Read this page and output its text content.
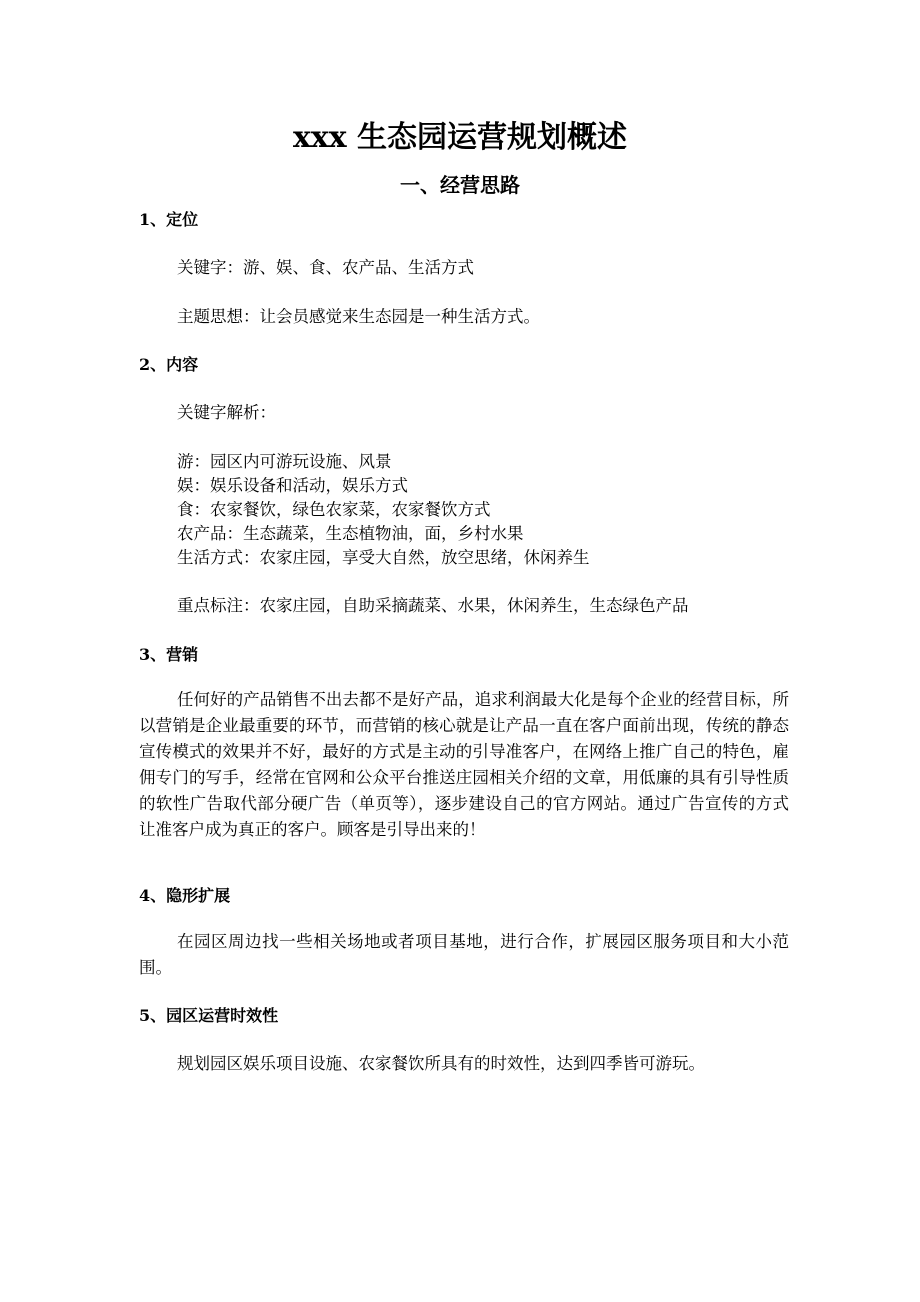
xxx 生态园运营规划概述
一、经营思路
1、定位
关键字：游、娱、食、农产品、生活方式
主题思想：让会员感觉来生态园是一种生活方式。
2、内容
关键字解析：
游：园区内可游玩设施、风景
娱：娱乐设备和活动，娱乐方式
食：农家餐饮，绿色农家菜，农家餐饮方式
农产品：生态蔬菜，生态植物油，面，乡村水果
生活方式：农家庄园，享受大自然，放空思绪，休闲养生
重点标注：农家庄园，自助采摘蔬菜、水果，休闲养生，生态绿色产品
3、营销
任何好的产品销售不出去都不是好产品，追求利润最大化是每个企业的经营目标，所以营销是企业最重要的环节，而营销的核心就是让产品一直在客户面前出现，传统的静态宣传模式的效果并不好，最好的方式是主动的引导准客户，在网络上推广自己的特色，雇佣专门的写手，经常在官网和公众平台推送庄园相关介绍的文章，用低廉的具有引导性质的软性广告取代部分硬广告（单页等），逐步建设自己的官方网站。通过广告宣传的方式让准客户成为真正的客户。顾客是引导出来的！
4、隐形扩展
在园区周边找一些相关场地或者项目基地，进行合作，扩展园区服务项目和大小范围。
5、园区运营时效性
规划园区娱乐项目设施、农家餐饮所具有的时效性，达到四季皆可游玩。
